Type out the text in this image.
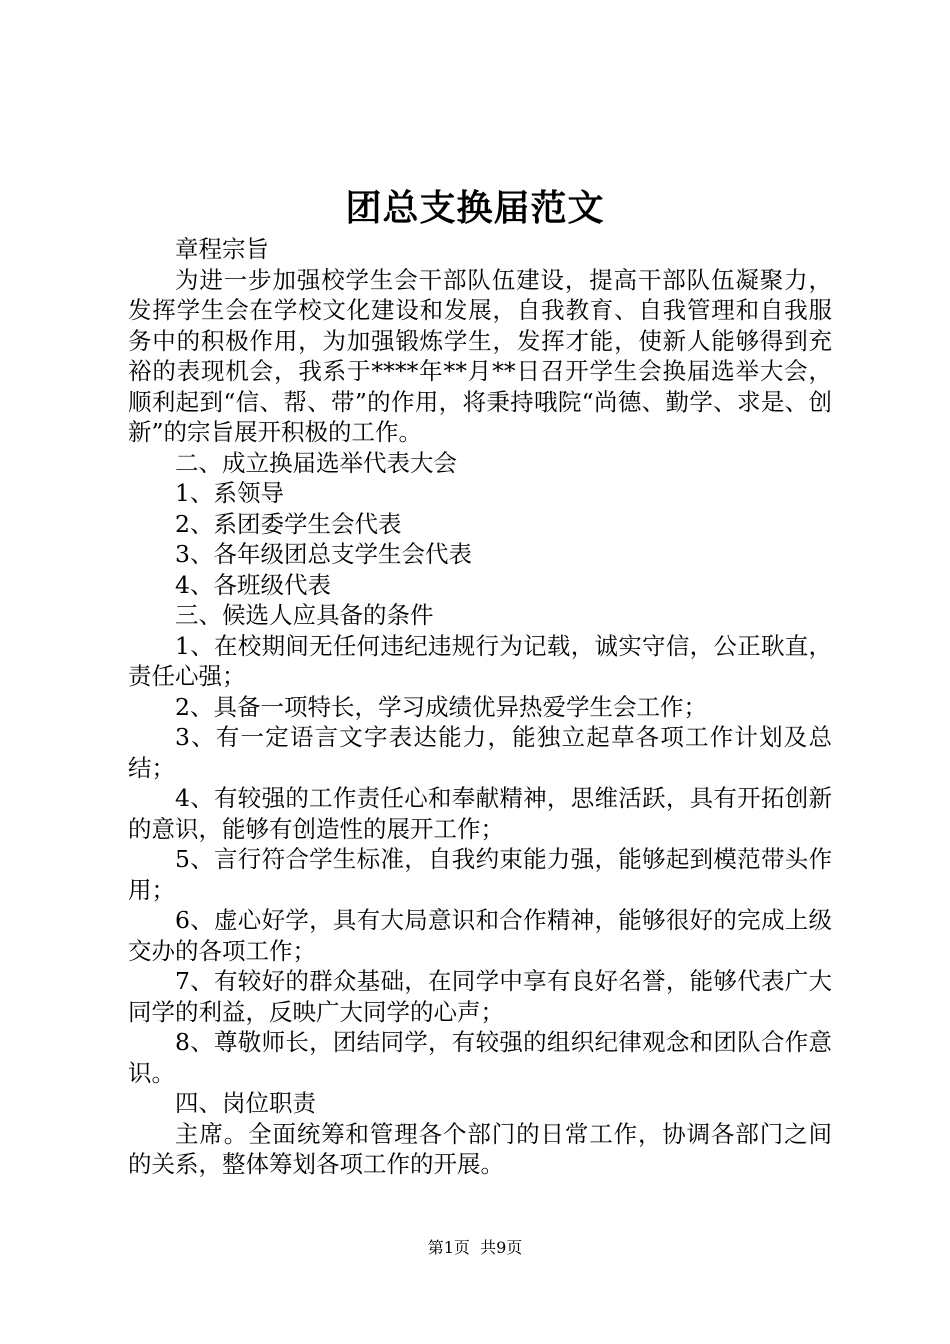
团总支换届范文

章程宗旨

为进一步加强校学生会干部队伍建设，提高干部队伍凝聚力，发挥学生会在学校文化建设和发展，自我教育、自我管理和自我服务中的积极作用，为加强锻炼学生，发挥才能，使新人能够得到充裕的表现机会，我系于****年**月**日召开学生会换届选举大会，顺利起到“信、帮、带”的作用，将秉持哦院“尚德、勤学、求是、创新”的宗旨展开积极的工作。

二、成立换届选举代表大会

1、系领导

2、系团委学生会代表

3、各年级团总支学生会代表

4、各班级代表

三、候选人应具备的条件

1、在校期间无任何违纪违规行为记载，诚实守信，公正耿直，责任心强；

2、具备一项特长，学习成绩优异热爱学生会工作；

3、有一定语言文字表达能力，能独立起草各项工作计划及总结；

4、有较强的工作责任心和奉献精神，思维活跃，具有开拓创新的意识，能够有创造性的展开工作；

5、言行符合学生标准，自我约束能力强，能够起到模范带头作用；

6、虚心好学，具有大局意识和合作精神，能够很好的完成上级交办的各项工作；

7、有较好的群众基础，在同学中享有良好名誉，能够代表广大同学的利益，反映广大同学的心声；

8、尊敬师长，团结同学，有较强的组织纪律观念和团队合作意识。

四、岗位职责

主席。全面统筹和管理各个部门的日常工作，协调各部门之间的关系，整体筹划各项工作的开展。

第1页 共9页
